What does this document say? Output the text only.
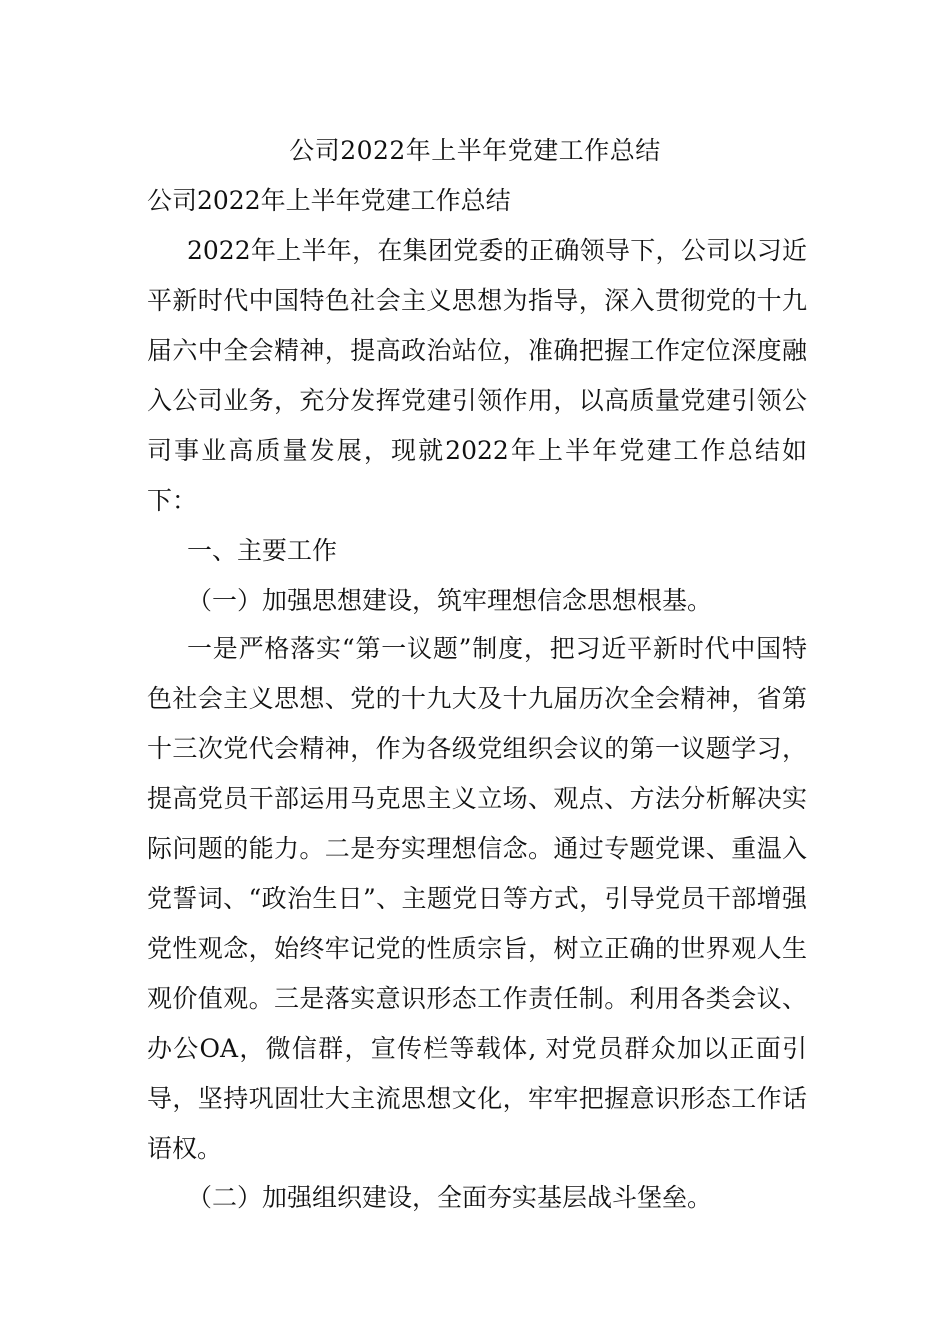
公司2022年上半年党建工作总结
公司2022年上半年党建工作总结

2022年上半年，在集团党委的正确领导下，公司以习近平新时代中国特色社会主义思想为指导，深入贯彻党的十九届六中全会精神，提高政治站位，准确把握工作定位深度融入公司业务，充分发挥党建引领作用，以高质量党建引领公司事业高质量发展，现就2022年上半年党建工作总结如下：

一、主要工作
（一）加强思想建设，筑牢理想信念思想根基。

一是严格落实“第一议题”制度，把习近平新时代中国特色社会主义思想、党的十九大及十九届历次全会精神，省第十三次党代会精神，作为各级党组织会议的第一议题学习，提高党员干部运用马克思主义立场、观点、方法分析解决实际问题的能力。二是夯实理想信念。通过专题党课、重温入党誓词、“政治生日”、主题党日等方式，引导党员干部增强党性观念，始终牢记党的性质宗旨，树立正确的世界观人生观价值观。三是落实意识形态工作责任制。利用各类会议、办公OA，微信群，宣传栏等载体, 对党员群众加以正面引导，坚持巩固壮大主流思想文化，牢牢把握意识形态工作话语权。

（二）加强组织建设，全面夯实基层战斗堡垒。
